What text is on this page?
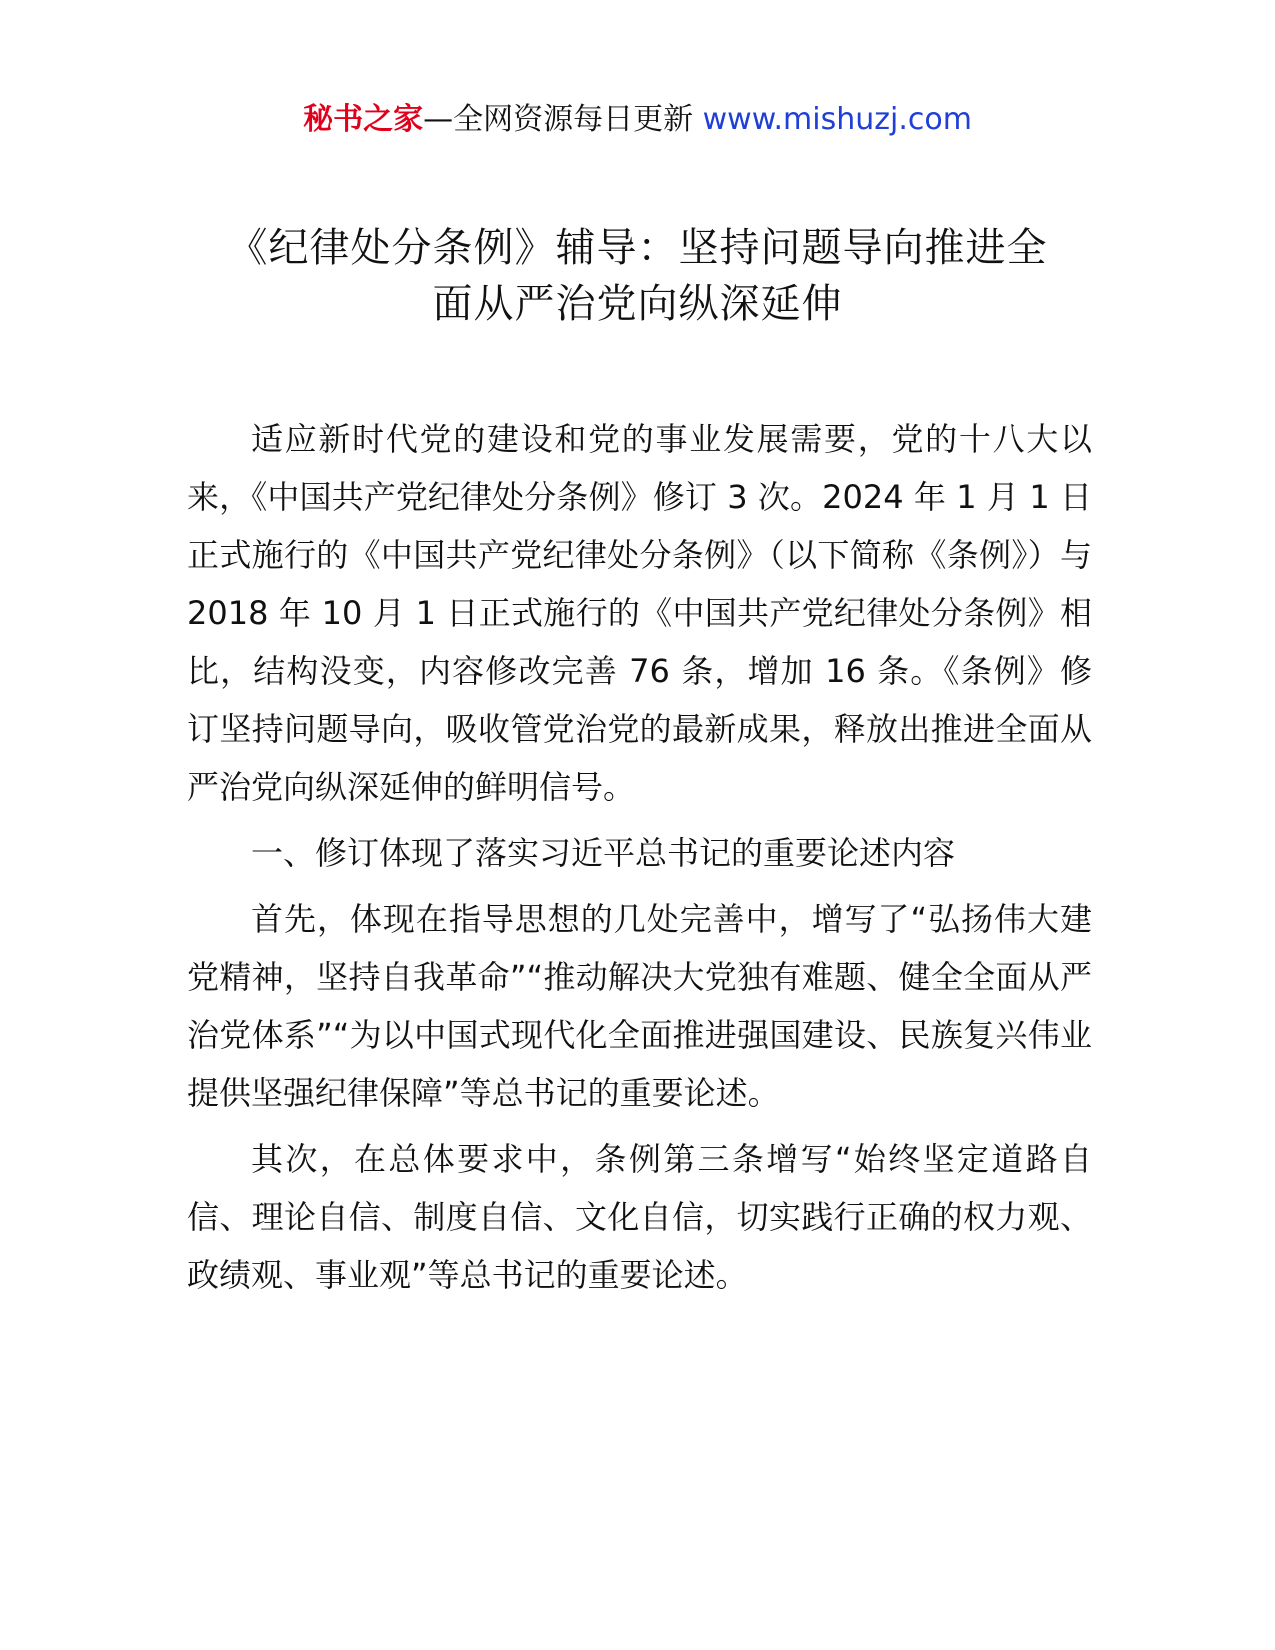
秘书之家—全网资源每日更新 www.mishuzj.com
《纪律处分条例》辅导：坚持问题导向推进全
面从严治党向纵深延伸

适应新时代党的建设和党的事业发展需要，党的十八大以来，《中国共产党纪律处分条例》修订 3 次。2024 年 1 月 1 日正式施行的《中国共产党纪律处分条例》（以下简称《条例》）与 2018 年 10 月 1 日正式施行的《中国共产党纪律处分条例》相比，结构没变，内容修改完善 76 条，增加 16 条。《条例》修订坚持问题导向，吸收管党治党的最新成果，释放出推进全面从严治党向纵深延伸的鲜明信号。

一、修订体现了落实习近平总书记的重要论述内容

首先，体现在指导思想的几处完善中，增写了“弘扬伟大建党精神，坚持自我革命”“推动解决大党独有难题、健全全面从严治党体系”“为以中国式现代化全面推进强国建设、民族复兴伟业提供坚强纪律保障”等总书记的重要论述。

其次，在总体要求中，条例第三条增写“始终坚定道路自信、理论自信、制度自信、文化自信，切实践行正确的权力观、政绩观、事业观”等总书记的重要论述。
